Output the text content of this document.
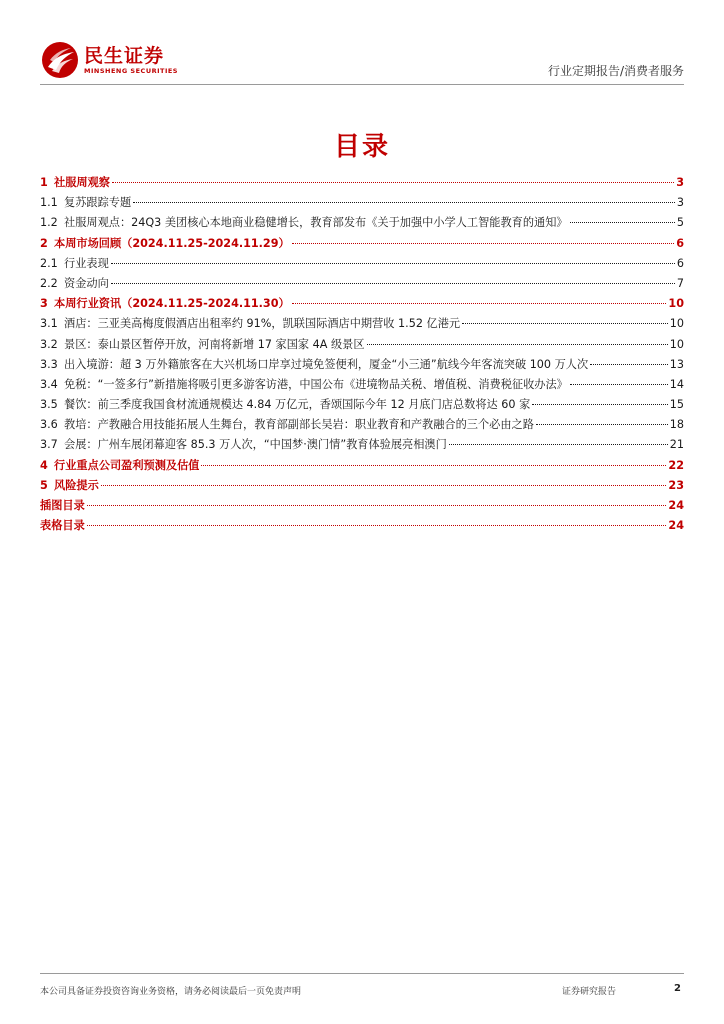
民生证券
MINSHENG SECURITIES	行业定期报告/消费者服务
目录
1 社服周观察	3
1.1 复苏跟踪专题	3
1.2 社服周观点：24Q3 美团核心本地商业稳健增长，教育部发布《关于加强中小学人工智能教育的通知》	5
2 本周市场回顾（2024.11.25-2024.11.29）	6
2.1 行业表现	6
2.2 资金动向	7
3 本周行业资讯（2024.11.25-2024.11.30）	10
3.1 酒店：三亚美高梅度假酒店出租率约 91%，凯联国际酒店中期营收 1.52 亿港元	10
3.2 景区：泰山景区暂停开放，河南将新增 17 家国家 4A 级景区	10
3.3 出入境游：超 3 万外籍旅客在大兴机场口岸享过境免签便利，厦金“小三通”航线今年客流突破 100 万人次	13
3.4 免税：“一签多行”新措施将吸引更多游客访港，中国公布《进境物品关税、增值税、消费税征收办法》	14
3.5 餐饮：前三季度我国食材流通规模达 4.84 万亿元，香颂国际今年 12 月底门店总数将达 60 家	15
3.6 教培：产教融合用技能拓展人生舞台，教育部副部长吴岩：职业教育和产教融合的三个必由之路	18
3.7 会展：广州车展闭幕迎客 85.3 万人次，“中国梦·澳门情”教育体验展亮相澳门	21
4 行业重点公司盈利预测及估值	22
5 风险提示	23
插图目录	24
表格目录	24
本公司具备证券投资咨询业务资格，请务必阅读最后一页免责声明	证券研究报告	2
